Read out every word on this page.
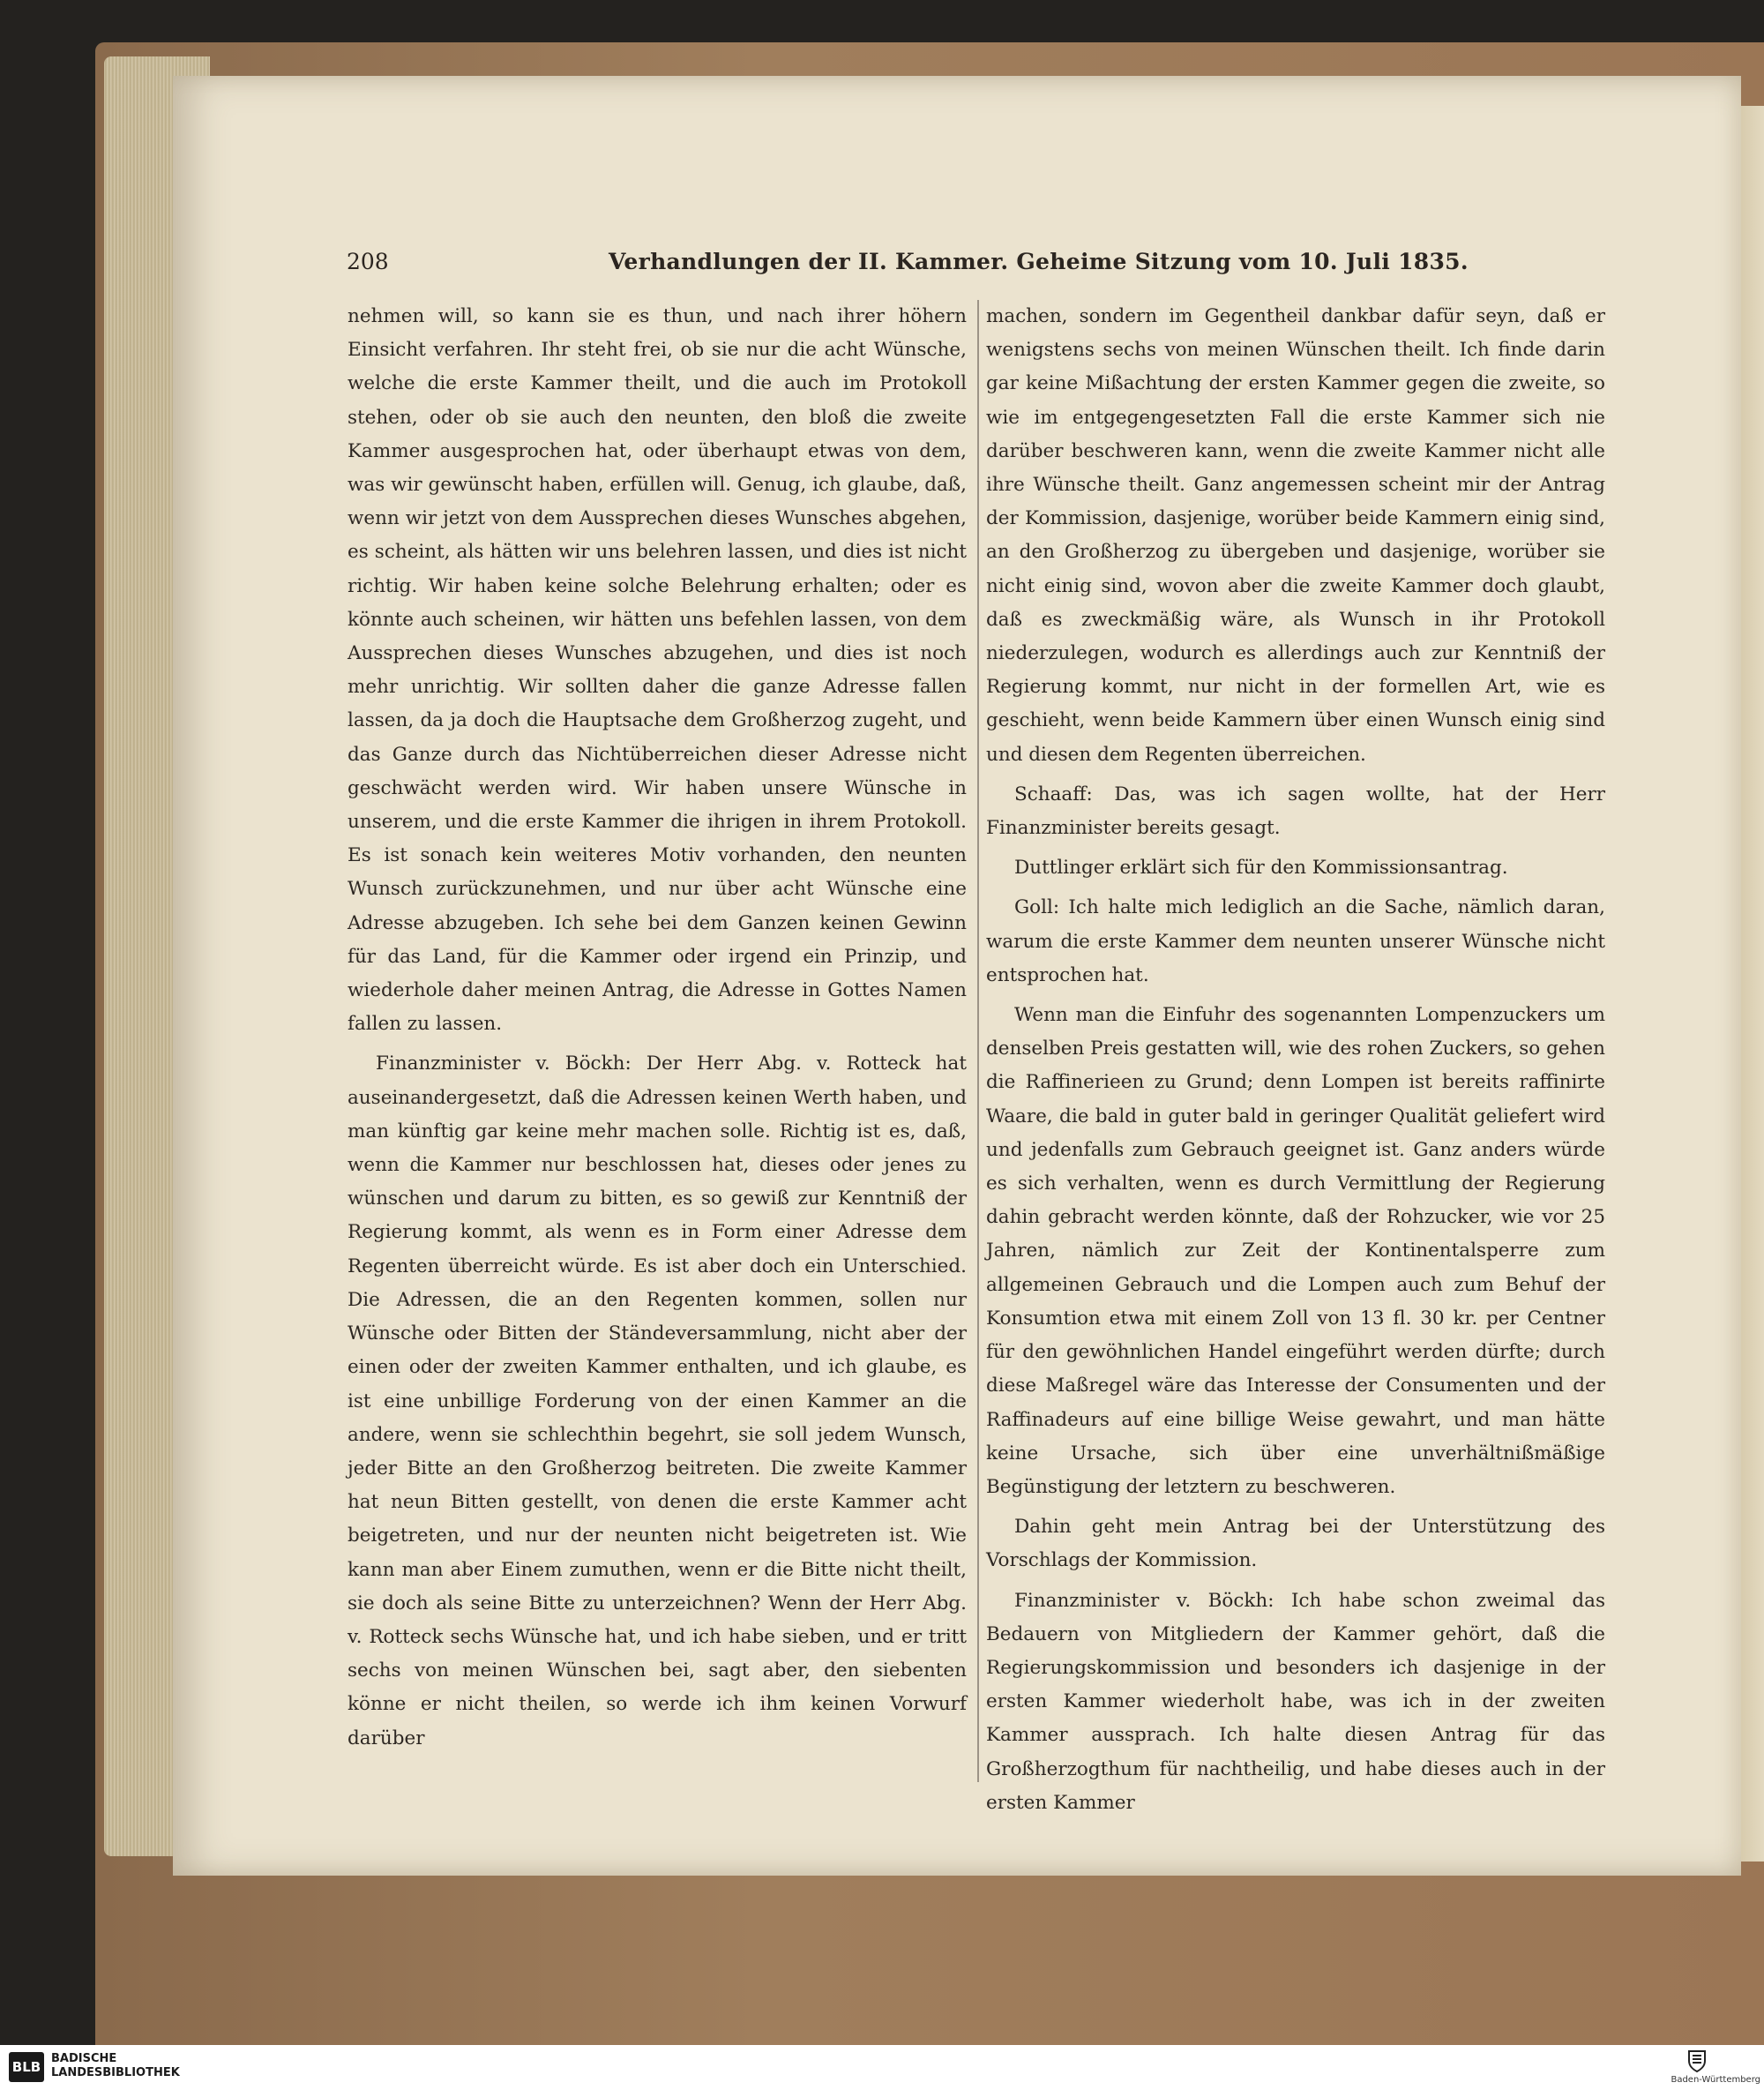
208	Verhandlungen der II. Kammer. Geheime Sitzung vom 10. Juli 1835.

nehmen will, so kann sie es thun, und nach ihrer höhern Einsicht verfahren. Ihr steht frei, ob sie nur die acht Wünsche, welche die erste Kammer theilt, und die auch im Protokoll stehen, oder ob sie auch den neunten, den bloß die zweite Kammer ausgesprochen hat, oder überhaupt etwas von dem, was wir gewünscht haben, erfüllen will. Genug, ich glaube, daß, wenn wir jetzt von dem Aussprechen dieses Wunsches abgehen, es scheint, als hätten wir uns belehren lassen, und dies ist nicht richtig. Wir haben keine solche Belehrung erhalten; oder es könnte auch scheinen, wir hätten uns befehlen lassen, von dem Aussprechen dieses Wunsches abzugehen, und dies ist noch mehr unrichtig. Wir sollten daher die ganze Adresse fallen lassen, da ja doch die Hauptsache dem Großherzog zugeht, und das Ganze durch das Nichtüberreichen dieser Adresse nicht geschwächt werden wird. Wir haben unsere Wünsche in unserem, und die erste Kammer die ihrigen in ihrem Protokoll. Es ist sonach kein weiteres Motiv vorhanden, den neunten Wunsch zurückzunehmen, und nur über acht Wünsche eine Adresse abzugeben. Ich sehe bei dem Ganzen keinen Gewinn für das Land, für die Kammer oder irgend ein Prinzip, und wiederhole daher meinen Antrag, die Adresse in Gottes Namen fallen zu lassen.

Finanzminister v. Böckh: Der Herr Abg. v. Rotteck hat auseinandergesetzt, daß die Adressen keinen Werth haben, und man künftig gar keine mehr machen solle. Richtig ist es, daß, wenn die Kammer nur beschlossen hat, dieses oder jenes zu wünschen und darum zu bitten, es so gewiß zur Kenntniß der Regierung kommt, als wenn es in Form einer Adresse dem Regenten überreicht würde. Es ist aber doch ein Unterschied. Die Adressen, die an den Regenten kommen, sollen nur Wünsche oder Bitten der Ständeversammlung, nicht aber der einen oder der zweiten Kammer enthalten, und ich glaube, es ist eine unbillige Forderung von der einen Kammer an die andere, wenn sie schlechthin begehrt, sie soll jedem Wunsch, jeder Bitte an den Großherzog beitreten. Die zweite Kammer hat neun Bitten gestellt, von denen die erste Kammer acht beigetreten, und nur der neunten nicht beigetreten ist. Wie kann man aber Einem zumuthen, wenn er die Bitte nicht theilt, sie doch als seine Bitte zu unterzeichnen? Wenn der Herr Abg. v. Rotteck sechs Wünsche hat, und ich habe sieben, und er tritt sechs von meinen Wünschen bei, sagt aber, den siebenten könne er nicht theilen, so werde ich ihm keinen Vorwurf darüber

machen, sondern im Gegentheil dankbar dafür seyn, daß er wenigstens sechs von meinen Wünschen theilt. Ich finde darin gar keine Mißachtung der ersten Kammer gegen die zweite, so wie im entgegengesetzten Fall die erste Kammer sich nie darüber beschweren kann, wenn die zweite Kammer nicht alle ihre Wünsche theilt. Ganz angemessen scheint mir der Antrag der Kommission, dasjenige, worüber beide Kammern einig sind, an den Großherzog zu übergeben und dasjenige, worüber sie nicht einig sind, wovon aber die zweite Kammer doch glaubt, daß es zweckmäßig wäre, als Wunsch in ihr Protokoll niederzulegen, wodurch es allerdings auch zur Kenntniß der Regierung kommt, nur nicht in der formellen Art, wie es geschieht, wenn beide Kammern über einen Wunsch einig sind und diesen dem Regenten überreichen.

Schaaff: Das, was ich sagen wollte, hat der Herr Finanzminister bereits gesagt.

Duttlinger erklärt sich für den Kommissionsantrag.

Goll: Ich halte mich lediglich an die Sache, nämlich daran, warum die erste Kammer dem neunten unserer Wünsche nicht entsprochen hat.

Wenn man die Einfuhr des sogenannten Lompenzuckers um denselben Preis gestatten will, wie des rohen Zuckers, so gehen die Raffinerieen zu Grund; denn Lompen ist bereits raffinirte Waare, die bald in guter bald in geringer Qualität geliefert wird und jedenfalls zum Gebrauch geeignet ist. Ganz anders würde es sich verhalten, wenn es durch Vermittlung der Regierung dahin gebracht werden könnte, daß der Rohzucker, wie vor 25 Jahren, nämlich zur Zeit der Kontinentalsperre zum allgemeinen Gebrauch und die Lompen auch zum Behuf der Konsumtion etwa mit einem Zoll von 13 fl. 30 kr. per Centner für den gewöhnlichen Handel eingeführt werden dürfte; durch diese Maßregel wäre das Interesse der Consumenten und der Raffinadeurs auf eine billige Weise gewahrt, und man hätte keine Ursache, sich über eine unverhältnißmäßige Begünstigung der letztern zu beschweren.

Dahin geht mein Antrag bei der Unterstützung des Vorschlags der Kommission.

Finanzminister v. Böckh: Ich habe schon zweimal das Bedauern von Mitgliedern der Kammer gehört, daß die Regierungskommission und besonders ich dasjenige in der ersten Kammer wiederholt habe, was ich in der zweiten Kammer aussprach. Ich halte diesen Antrag für das Großherzogthum für nachtheilig, und habe dieses auch in der ersten Kammer

BLB
BADISCHE
LANDESBIBLIOTHEK
Baden-Württemberg
